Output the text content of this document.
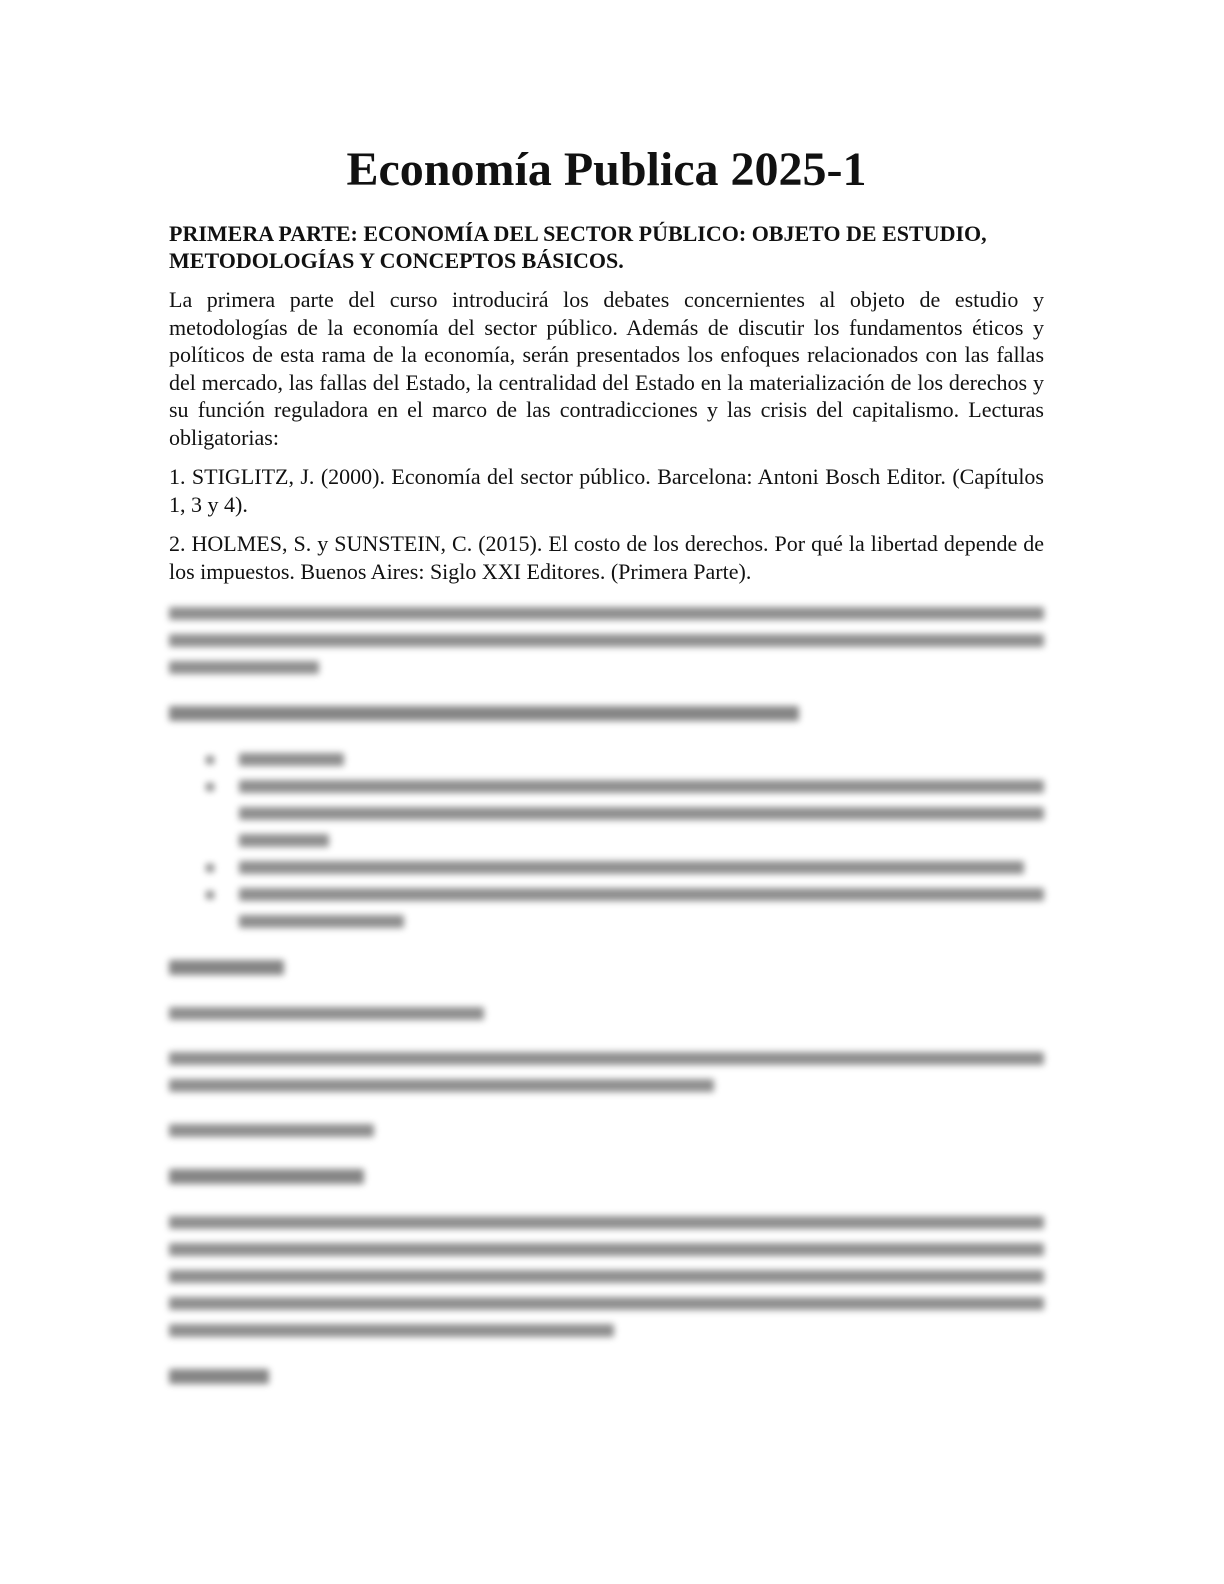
Economía Publica 2025-1

PRIMERA PARTE: ECONOMÍA DEL SECTOR PÚBLICO: OBJETO DE ESTUDIO, METODOLOGÍAS Y CONCEPTOS BÁSICOS.

La primera parte del curso introducirá los debates concernientes al objeto de estudio y metodologías de la economía del sector público. Además de discutir los fundamentos éticos y políticos de esta rama de la economía, serán presentados los enfoques relacionados con las fallas del mercado, las fallas del Estado, la centralidad del Estado en la materialización de los derechos y su función reguladora en el marco de las contradicciones y las crisis del capitalismo. Lecturas obligatorias:

1. STIGLITZ, J. (2000). Economía del sector público. Barcelona: Antoni Bosch Editor. (Capítulos 1, 3 y 4).

2. HOLMES, S. y SUNSTEIN, C. (2015). El costo de los derechos. Por qué la libertad depende de los impuestos. Buenos Aires: Siglo XXI Editores. (Primera Parte).
